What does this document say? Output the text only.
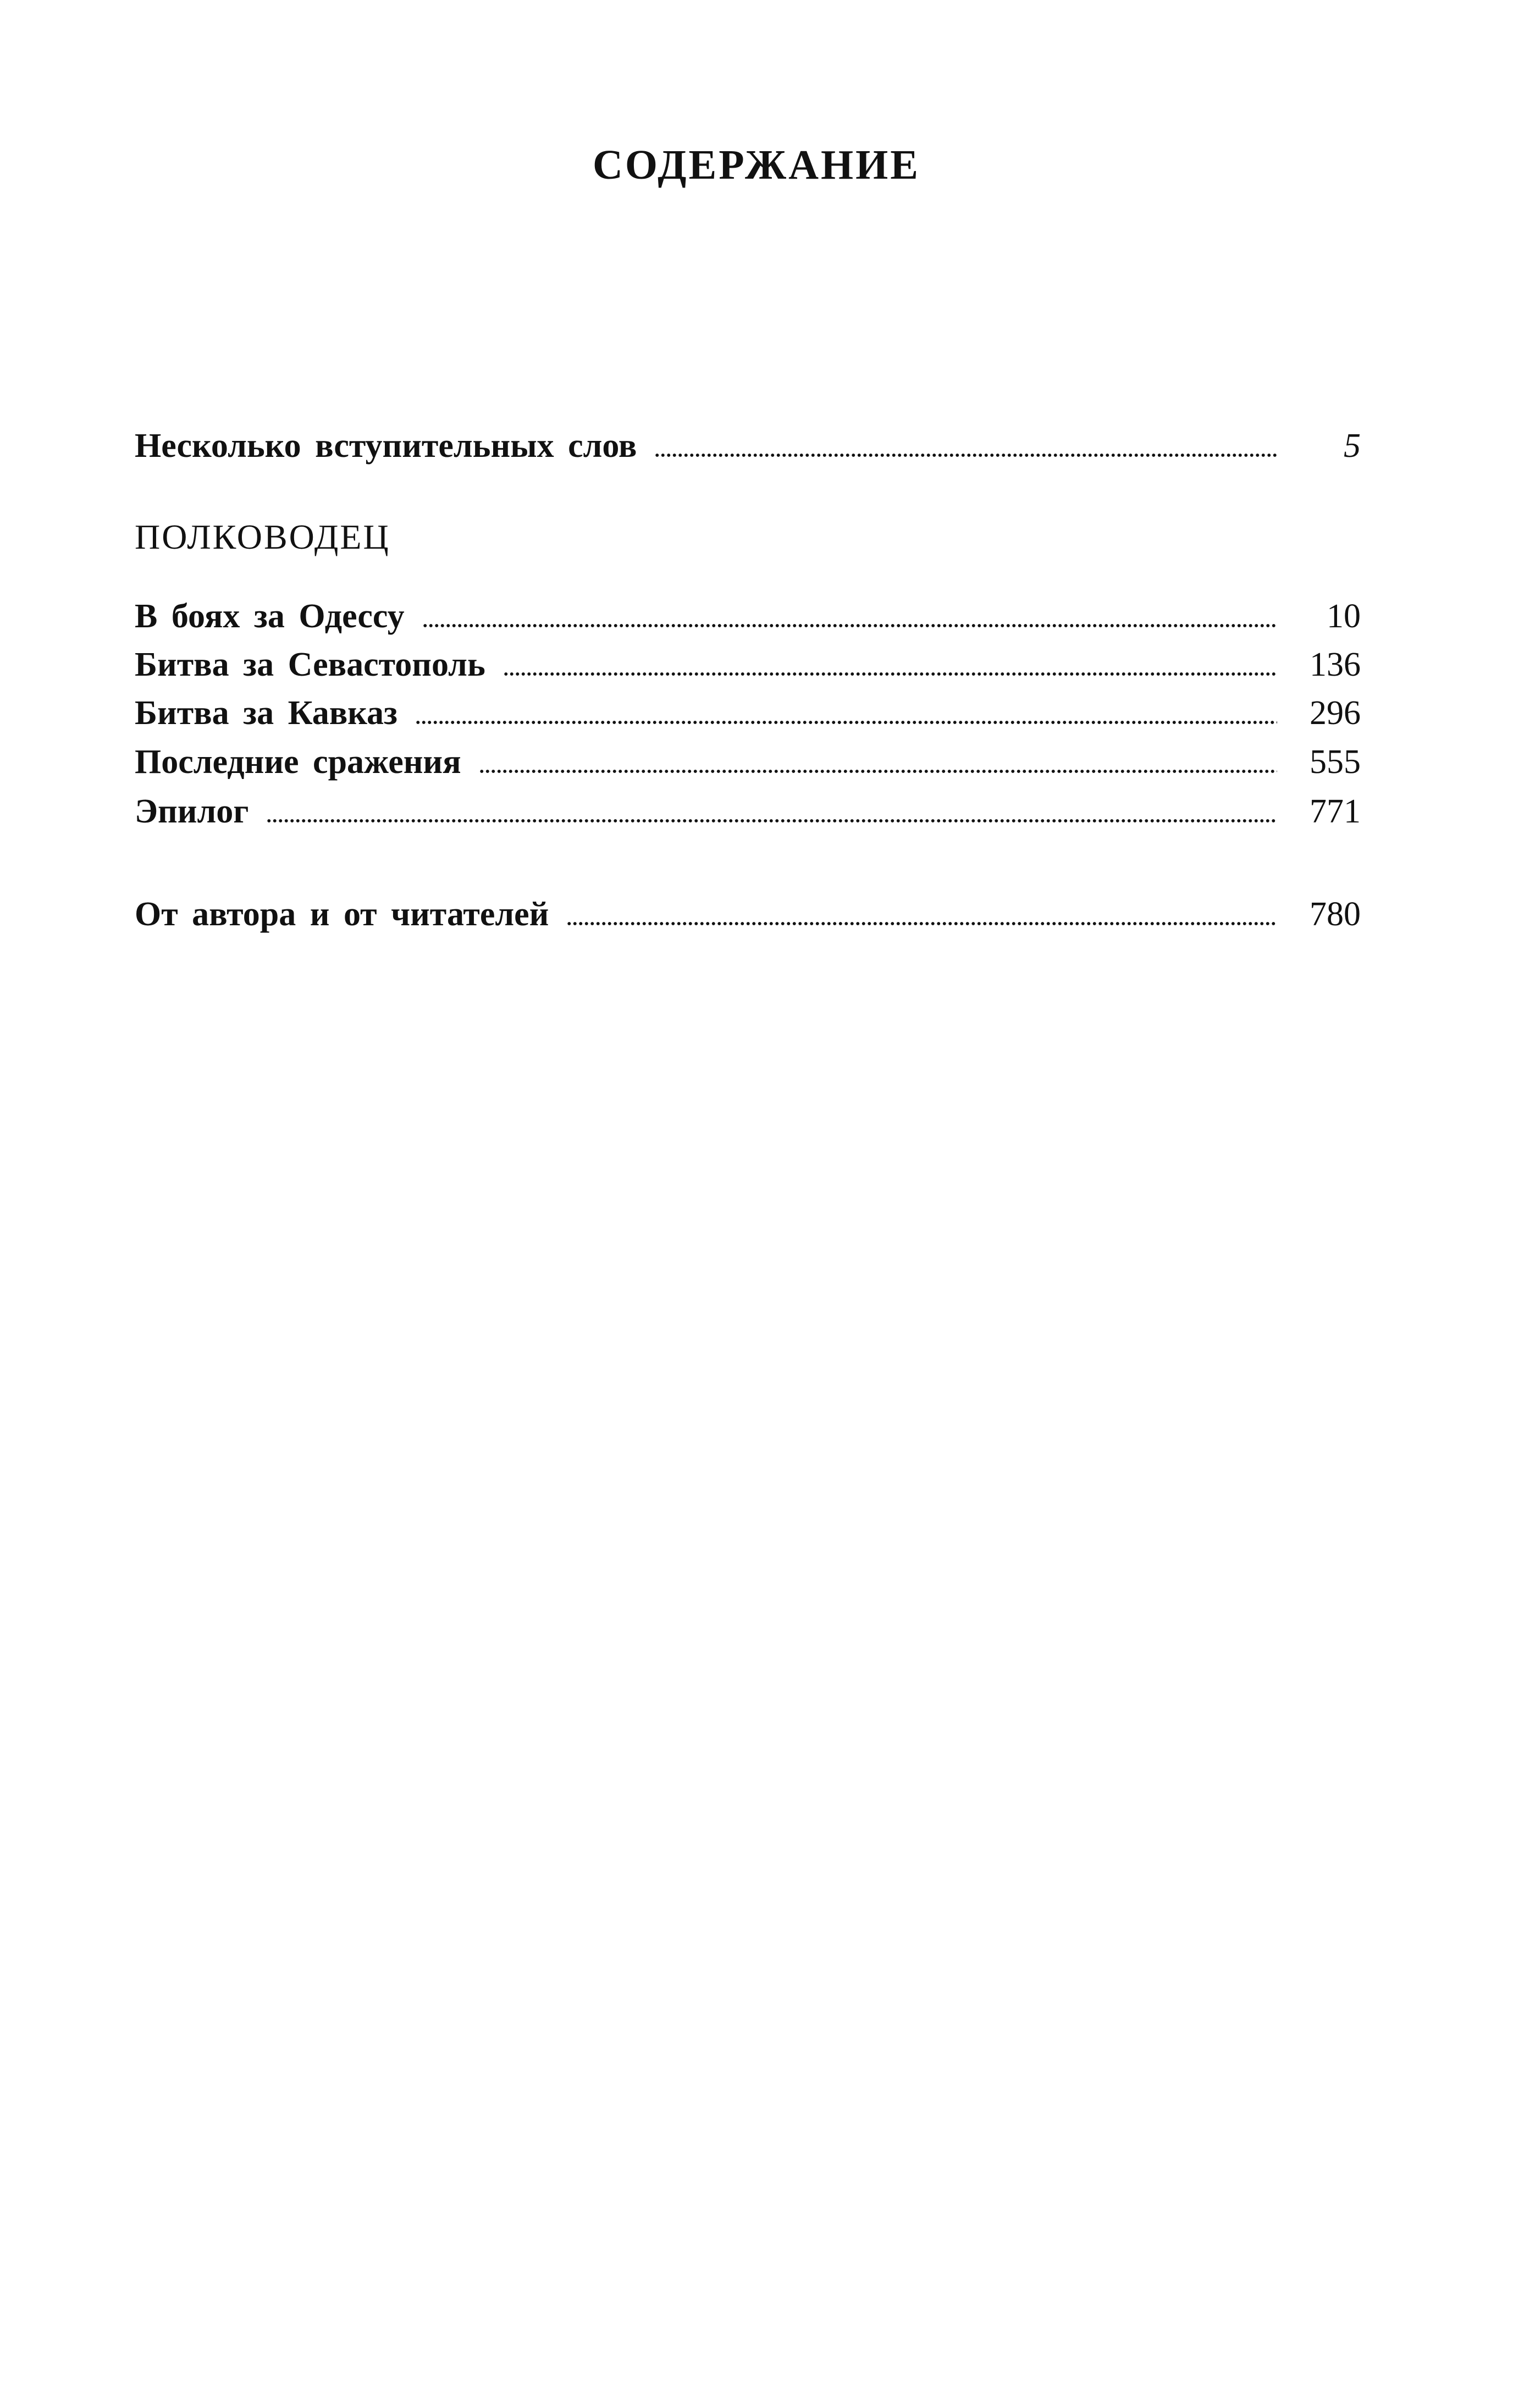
СОДЕРЖАНИЕ
Несколько вступительных слов	5
В боях за Одессу	10
Битва за Севастополь	136
Битва за Кавказ	296
Последние сражения	555
Эпилог	771
От автора и от читателей	780
ПОЛКОВОДЕЦ
